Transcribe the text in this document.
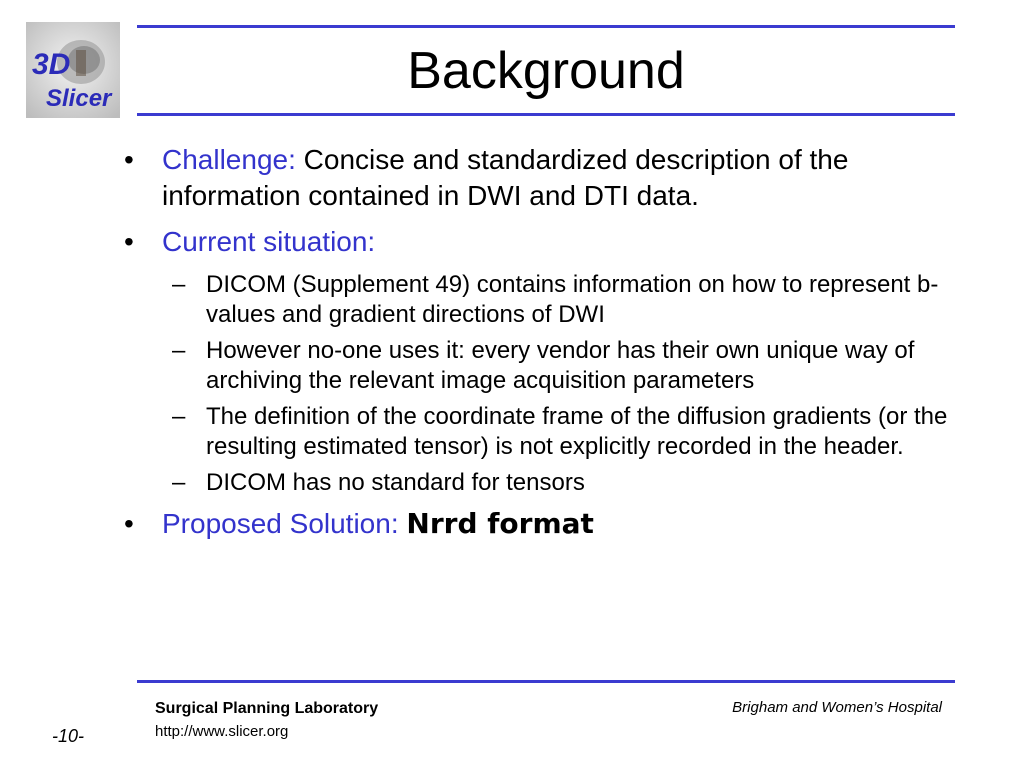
3D
Slicer	Background
•	Challenge: Concise and standardized description of the information contained in DWI and DTI data.
•	Current situation:
– DICOM (Supplement 49) contains information on how to represent b-values and gradient directions of DWI
– However no-one uses it: every vendor has their own unique way of archiving the relevant image acquisition parameters
– The definition of the coordinate frame of the diffusion gradients (or the resulting estimated tensor) is not explicitly recorded in the header.
– DICOM has no standard for tensors
•	Proposed Solution: Nrrd format
Surgical Planning Laboratory
http://www.slicer.org
Brigham and Women’s Hospital
-10-
